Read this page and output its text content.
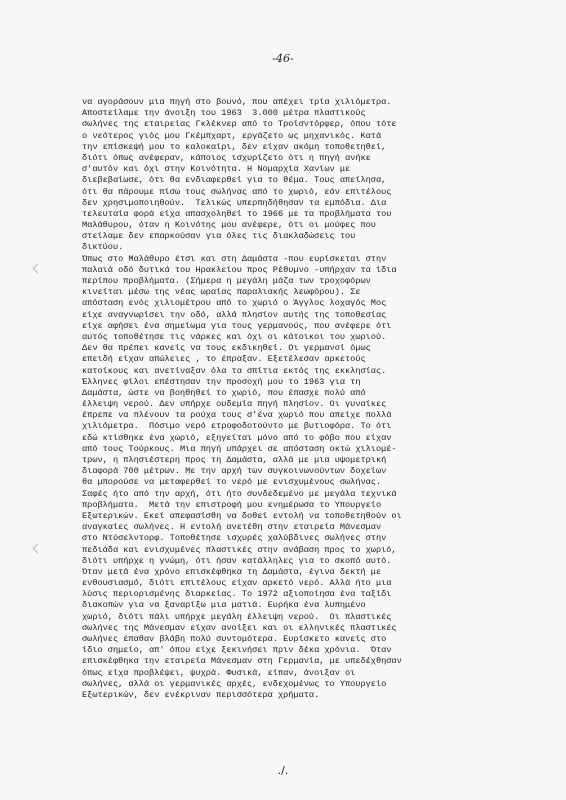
-46-
να αγοράσουν μια πηγή στο βουνό, που απέχει τρία χιλιόμετρα.
Αποστείλαμε την άνοιξη του 1963  3.000 μέτρα πλαστικούς
σωλήνες της εταιρείας Γκλέκνερ από το Τροϊσντόρφερ, όπου τότε
ο νεότερος γιός μου Γκέμπχαρτ, εργάζετο ως μηχανικός. Κατά
την επίσκεψή μου το καλοκαίρι, δεν είχαν ακόμη τοποθετηθεί,
διότι όπως ανέφεραν, κάποιος ισχυρίζετο ότι η πηγή ανήκε
σ'αυτόν και όχι στην Κοινότητα. Η Νομαρχία Χανίων με
διεβεβαίωσε, ότι θα ενδιαφερθεί για το θέμα. Τους απείλησα,
ότι θα πάρουμε πίσω τους σωλήνας από το χωριό, εάν επιτέλους
δεν χρησιμοποιηθούν.  Τελικώς υπερπηδήθησαν τα εμπόδια. Δια
τελευταία φορά είχα απασχοληθεί το 1966 με τα προβλήματα του
Μαλάθυρου, όταν η Κοινότης μου ανέφερε, ότι οι μούφες που
στείλαμε δεν επαρκούσαν για όλες τις διακλαδώσεις του
δικτύου.
Όπως στο Μαλάθυρο έτσι και στη Δαμάστα -που ευρίσκεται στην
παλαιά οδό δυτικά του Ηρακλείου προς Ρέθυμνο -υπήρχαν τα ίδια
περίπου προβλήματα. (Σήμερα η μεγάλη μάζα των τροχοφόρων
κινείται μέσω της νέας ωραίας παραλιακής λεωφόρου). Σε
απόσταση ενός χιλιομέτρου από το χωριό ο Άγγλος λοχαγός Μος
είχε αναγνωρίσει την οδό, αλλά πλησίον αυτής της τοποθεσίας
είχε αφήσει ένα σημείωμα για τους γερμανούς, που ανέφερε ότι
αυτός τοποθέτησε τις νάρκες και όχι οι κάτοικοι του χωριού.
Δεν θα πρέπει κανείς να τους εκδικηθεί. Οι γερμανοί όμως
επειδή είχαν απώλειες , το έπραξαν. Εξετέλεσαν αρκετούς
κατοίκους και ανετίναξαν όλα τα σπίτια εκτός της εκκλησίας.
Έλληνες φίλοι επέστησαν την προσοχή μου το 1963 για τη
Δαμάστα, ώστε να βοηθηθεί το χωριό, που έπασχε πολύ από
έλλειψη νερού. Δεν υπήρχε ουδεμία πηγή πλησίον. Οι γυναίκες
έπρεπε να πλένουν τα ρούχα τους σ'ένα χωριό που απείχε πολλά
χιλιόμετρα.  Πόσιμο νερό ετροφοδοτούντο με βυτιοφόρα. Το ότι
εδώ κτίσθηκε ένα χωριό, εξηγείται μόνο από το φόβο που είχαν
από τους Τούρκους. Μια πηγή υπάρχει σε απόσταση οκτώ χιλιομέ-
τρων, η πλησιέστερη προς τη Δαμάστα, αλλά με μια υψομετρική
διαφορά 700 μέτρων. Με την αρχή των συγκοινωνούντων δοχείων
θα μπορούσε να μεταφερθεί το νερό με ενισχυμένους σωλήνας.
Σαφές ήτο από την αρχή, ότι ήτο συνδεδεμένο με μεγάλα τεχνικά
προβλήματα.  Μετά την επιστροφή μου ενημέρωσα το Υπουργείο
Εξωτερικών. Εκεί απεφασίσθη να δοθεί εντολή να τοποθετηθούν οι
αναγκαίες σωλήνες. Η εντολή ανετέθη στην εταιρεία Μάνεσμαν
στο Ντύσελντορφ. Τοποθέτησε ισχυρές χαλύβδινες σωλήνες στην
πεδιάδα και ενισχυμένες πλαστικές στην ανάβαση προς το χωριό,
διότι υπήρχε η γνώμη, ότι ήσαν κατάλληλες για το σκοπό αυτό.
Όταν μετά ένα χρόνο επισκέφθηκα τη Δαμάστα, έγινα δεκτή με
ενθουσιασμό, διότι επιτέλους είχαν αρκετό νερό. Αλλά ήτο μια
λύσις περιορισμένης διαρκείας. Το 1972 αξιοποίησα ένα ταξίδι
διακοπών για να ξαναρίξω μια ματιά. Ευρήκα ένα λυπημένο
χωριό, διότι πάλι υπήρχε μεγάλη έλλειψη νερού.  Οι πλαστικές
σωλήνες της Μάνεσμαν είχαν ανοίξει και οι ελληνικές πλαστικές
σωλήνες έπαθαν βλάβη πολύ συντομότερα. Ευρίσκετο κανείς στο
ίδιο σημείο, απ' όπου είχε ξεκινήσει πριν δέκα χρόνια.  Όταν
επισκέφθηκα την εταιρεία Μάνεσμαν στη Γερμανία, με υπεδέχθησαν
όπως είχα προβλέψει, ψυχρά. Φυσικά, είπαν, άνοιξαν οι
σωλήνες, αλλά οι γερμανικές αρχές, ενδεχομένως το Υπουργείο
Εξωτερικών, δεν ενέκριναν περισσότερα χρήματα.
./.
